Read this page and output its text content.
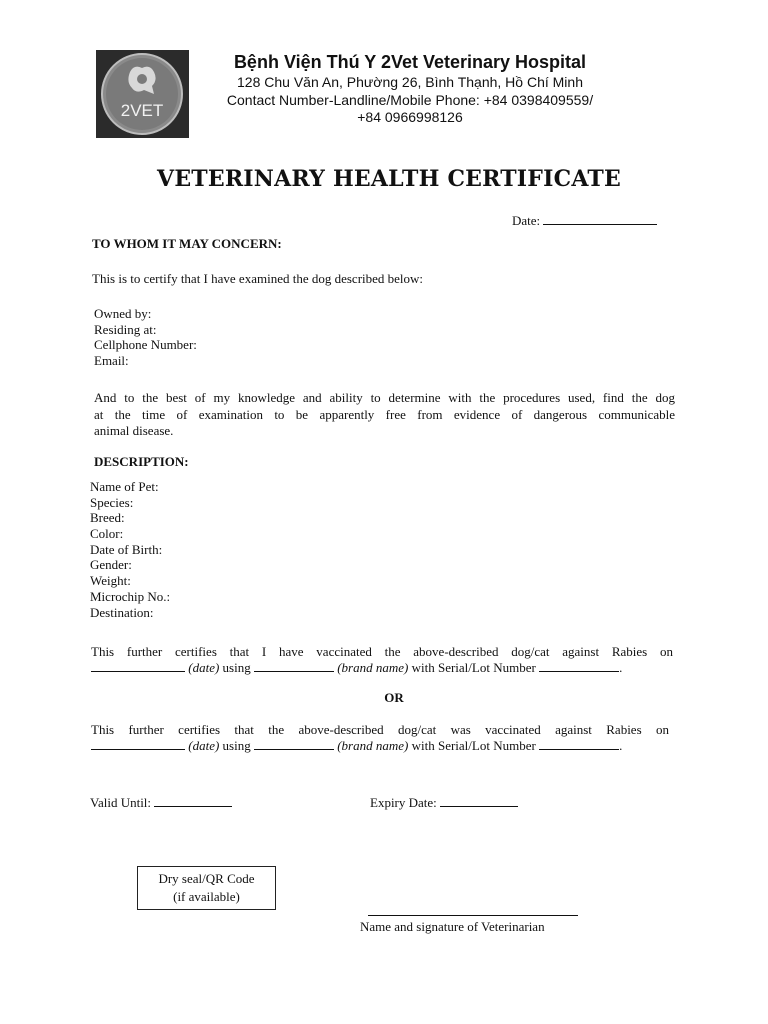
2VET
Bệnh Viện Thú Y 2Vet Veterinary Hospital
128 Chu Văn An, Phường 26, Bình Thạnh, Hồ Chí Minh
Contact Number-Landline/Mobile Phone: +84 0398409559/
+84 0966998126
VETERINARY HEALTH CERTIFICATE
Date:
TO WHOM IT MAY CONCERN:
This is to certify that I have examined the dog described below:
Owned by:
Residing at:
Cellphone Number:
Email:
And to the best of my knowledge and ability to determine with the procedures used, find the dog
at the time of examination to be apparently free from evidence of dangerous communicable
animal disease.
DESCRIPTION:
Name of Pet:
Species:
Breed:
Color:
Date of Birth:
Gender:
Weight:
Microchip No.:
Destination:
This further certifies that I have vaccinated the above-described dog/cat against Rabies on
(date) using	(brand name) with Serial/Lot Number	.
OR
This further certifies that the above-described dog/cat was vaccinated against Rabies on
(date) using	(brand name) with Serial/Lot Number	.
Valid Until:	Expiry Date:
Dry seal/QR Code
(if available)
Name and signature of Veterinarian
